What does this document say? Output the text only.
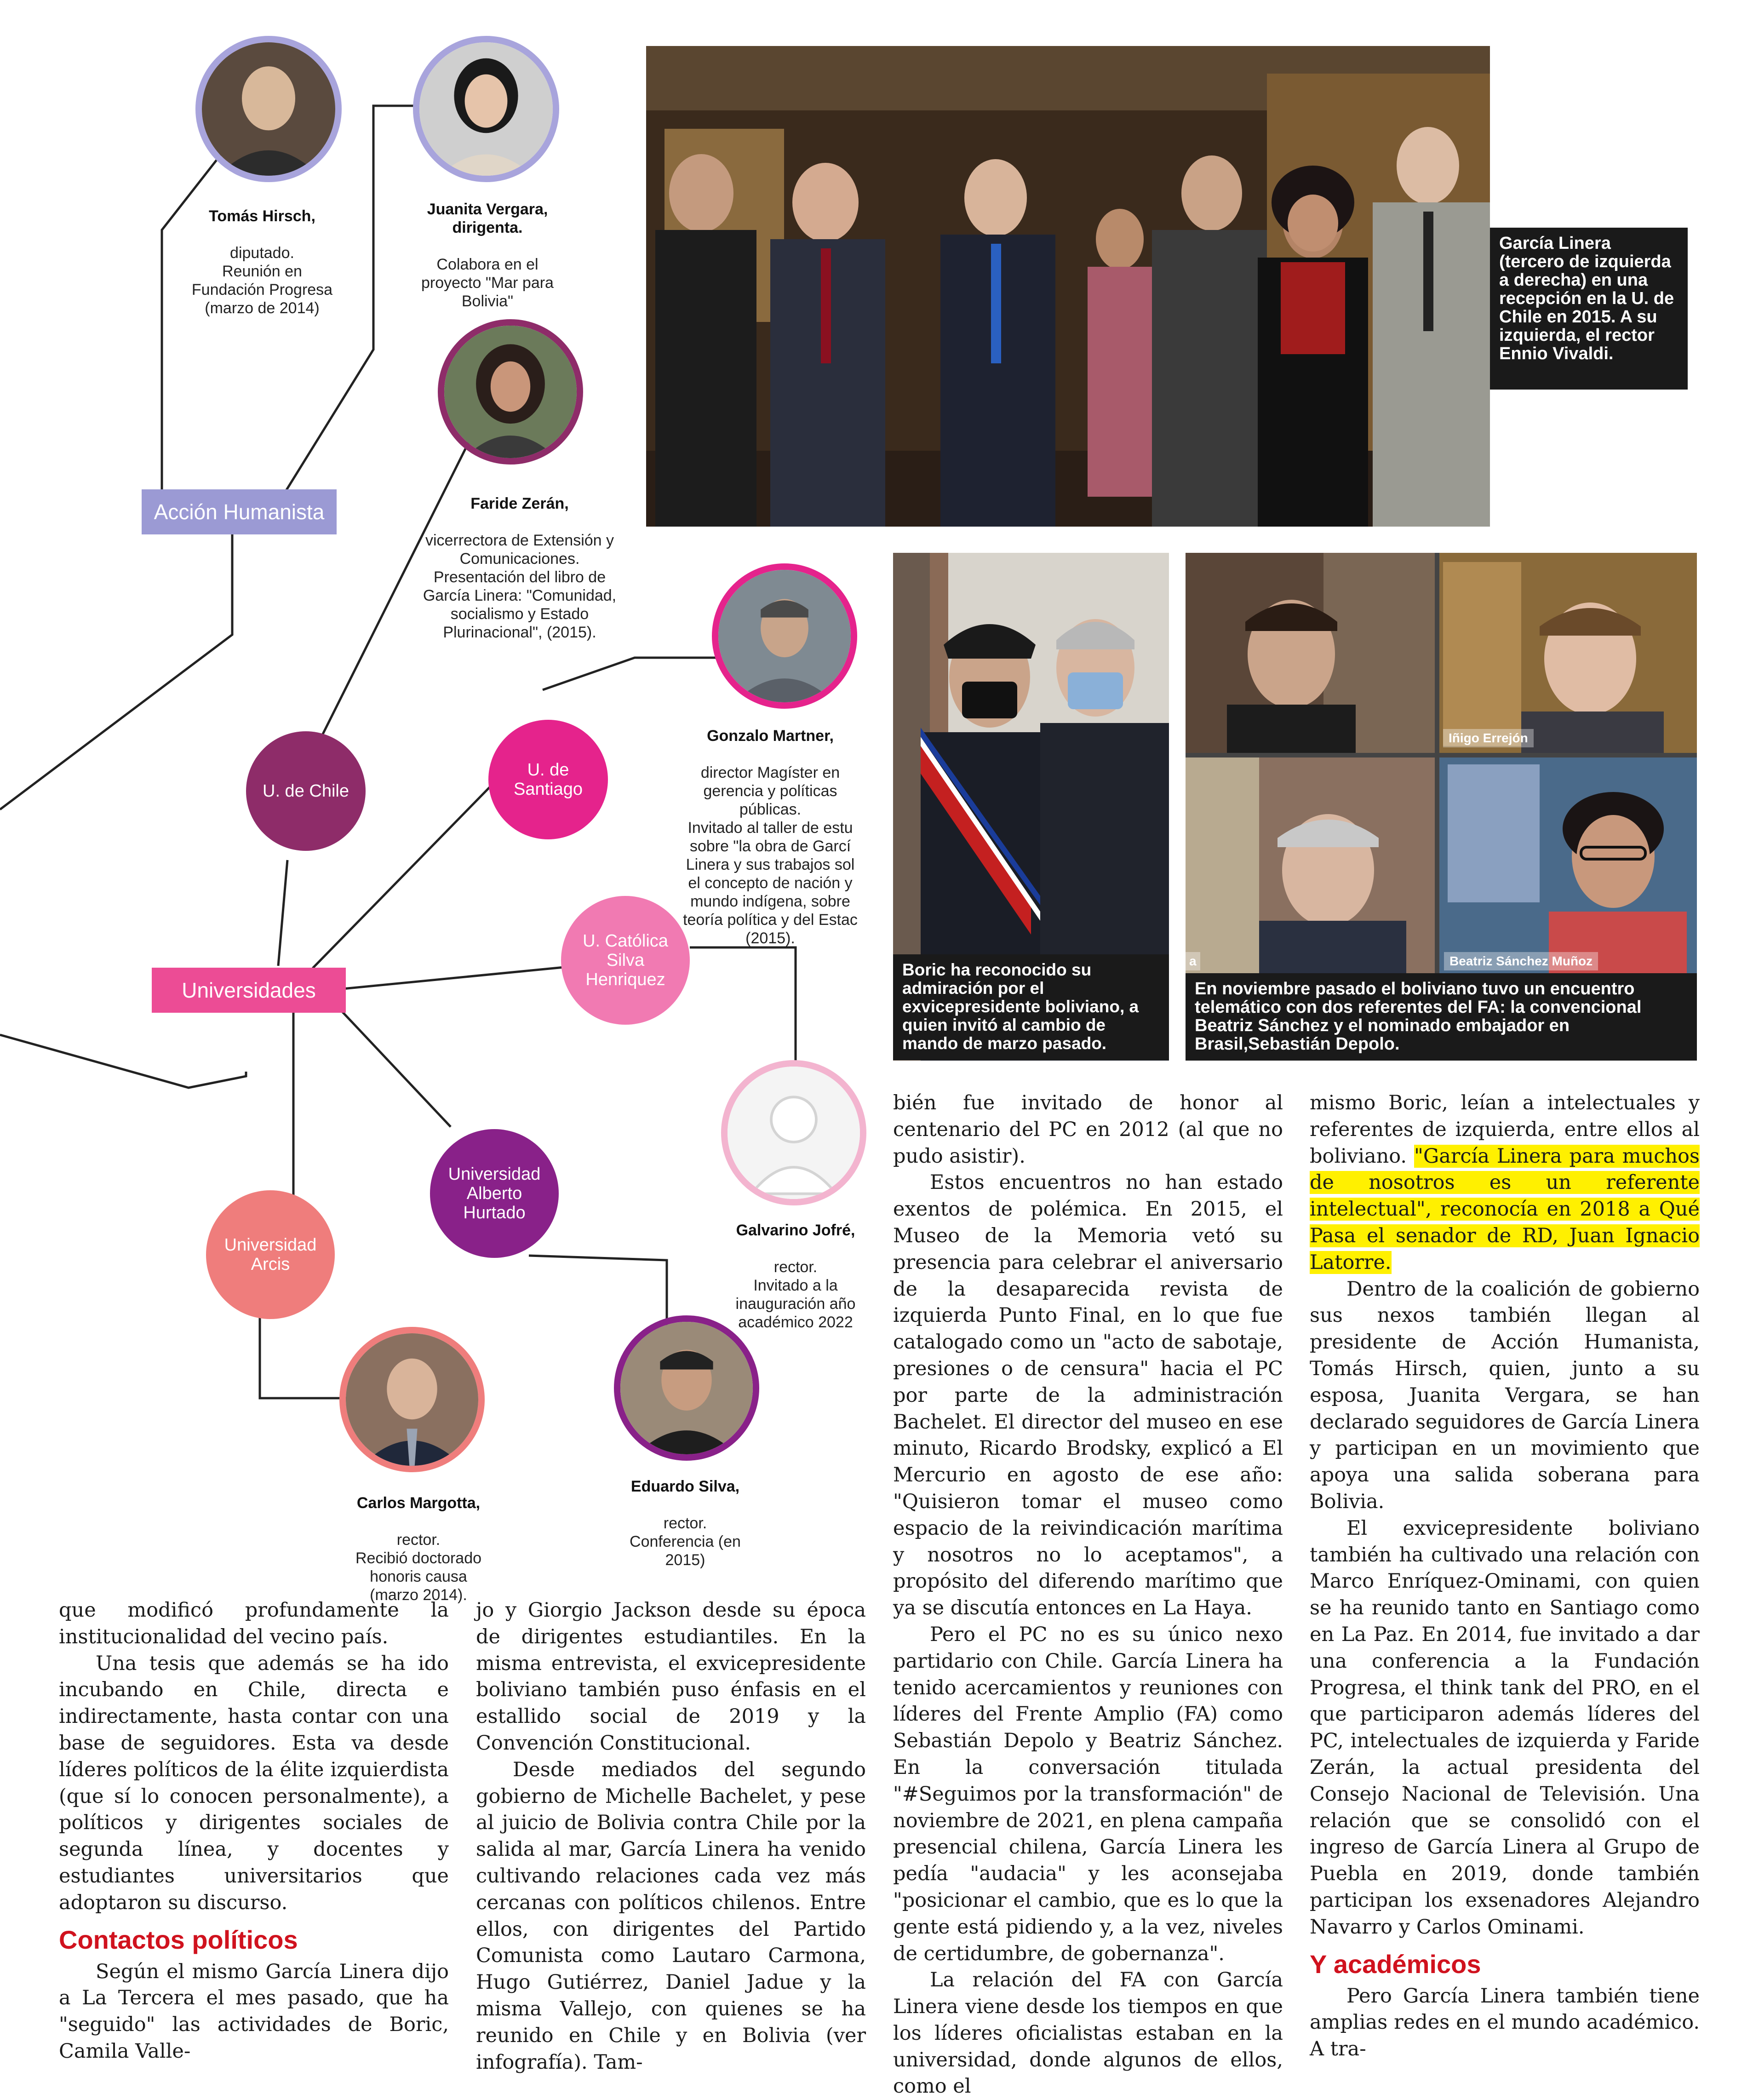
Acción Humanista
Universidades
U. de Chile
U. de
Santiago
U. Católica
Silva
Henriquez
Universidad
Alberto
Hurtado
Universidad
Arcis

Tomás Hirsch,

diputado.
Reunión en
Fundación Progresa
(marzo de 2014)

Juanita Vergara,
dirigenta.

Colabora en el
proyecto "Mar para
Bolivia"

Faride Zerán,

vicerrectora de Extensión y
Comunicaciones.
Presentación del libro de
García Linera: "Comunidad,
socialismo y Estado
Plurinacional", (2015).

Gonzalo Martner,

director Magíster en
gerencia y políticas
públicas.
Invitado al taller de estu
sobre "la obra de Garcí
Linera y sus trabajos sol
el concepto de nación y
mundo indígena, sobre
teoría política y del Estac
(2015).

Galvarino Jofré,

rector.
Invitado a la
inauguración año
académico 2022

Carlos Margotta,

rector.
Recibió doctorado
honoris causa
(marzo 2014).

Eduardo Silva,

rector.
Conferencia (en
2015)

García Linera (tercero de izquierda a derecha) en una recepción en la U. de Chile en 2015. A su izquierda, el rector Ennio Vivaldi.
Boric ha reconocido su admiración por el exvicepresidente boliviano, a quien invitó al cambio de mando de marzo pasado.
Iñigo Errejón
Beatriz Sánchez Muñoz
a
En noviembre pasado el boliviano tuvo un encuentro telemático con dos referentes del FA: la convencional Beatriz Sánchez y el nominado embajador en Brasil,Sebastián Depolo.

que modificó profundamente la institucionalidad del vecino país.

Una tesis que además se ha ido incubando en Chile, directa e indirectamente, hasta contar con una base de seguidores. Esta va desde líderes políticos de la élite izquierdista (que sí lo conocen personalmente), a políticos y dirigentes sociales de segunda línea, y docentes y estudiantes universitarios que adoptaron su discurso.

Contactos políticos

Según el mismo García Linera dijo a La Tercera el mes pasado, que ha "seguido" las actividades de Boric, Camila Valle-

jo y Giorgio Jackson desde su época de dirigentes estudiantiles. En la misma entrevista, el exvicepresidente boliviano también puso énfasis en el estallido social de 2019 y la Convención Constitucional.

Desde mediados del segundo gobierno de Michelle Bachelet, y pese al juicio de Bolivia contra Chile por la salida al mar, García Linera ha venido cultivando relaciones cada vez más cercanas con políticos chilenos. Entre ellos, con dirigentes del Partido Comunista como Lautaro Carmona, Hugo Gutiérrez, Daniel Jadue y la misma Vallejo, con quienes se ha reunido en Chile y en Bolivia (ver infografía). Tam-

bién fue invitado de honor al centenario del PC en 2012 (al que no pudo asistir).

Estos encuentros no han estado exentos de polémica. En 2015, el Museo de la Memoria vetó su presencia para celebrar el aniversario de la desaparecida revista de izquierda Punto Final, en lo que fue catalogado como un "acto de sabotaje, presiones o de censura" hacia el PC por parte de la administración Bachelet. El director del museo en ese minuto, Ricardo Brodsky, explicó a El Mercurio en agosto de ese año: "Quisieron tomar el museo como espacio de la reivindicación marítima y nosotros no lo aceptamos", a propósito del diferendo marítimo que ya se discutía entonces en La Haya.

Pero el PC no es su único nexo partidario con Chile. García Linera ha tenido acercamientos y reuniones con líderes del Frente Amplio (FA) como Sebastián Depolo y Beatriz Sánchez. En la conversación titulada "#Seguimos por la transformación" de noviembre de 2021, en plena campaña presencial chilena, García Linera les pedía "audacia" y les aconsejaba "posicionar el cambio, que es lo que la gente está pidiendo y, a la vez, niveles de certidumbre, de gobernanza".

La relación del FA con García Linera viene desde los tiempos en que los líderes oficialistas estaban en la universidad, donde algunos de ellos, como el

mismo Boric, leían a intelectuales y referentes de izquierda, entre ellos al boliviano. "García Linera para muchos de nosotros es un referente intelectual", reconocía en 2018 a Qué Pasa el senador de RD, Juan Ignacio Latorre.

Dentro de la coalición de gobierno sus nexos también llegan al presidente de Acción Humanista, Tomás Hirsch, quien, junto a su esposa, Juanita Vergara, se han declarado seguidores de García Linera y participan en un movimiento que apoya una salida soberana para Bolivia.

El exvicepresidente boliviano también ha cultivado una relación con Marco Enríquez-Ominami, con quien se ha reunido tanto en Santiago como en La Paz. En 2014, fue invitado a dar una conferencia a la Fundación Progresa, el think tank del PRO, en el que participaron además líderes del PC, intelectuales de izquierda y Faride Zerán, la actual presidenta del Consejo Nacional de Televisión. Una relación que se consolidó con el ingreso de García Linera al Grupo de Puebla en 2019, donde también participan los exsenadores Alejandro Navarro y Carlos Ominami.

Y académicos

Pero García Linera también tiene amplias redes en el mundo académico. A tra-
